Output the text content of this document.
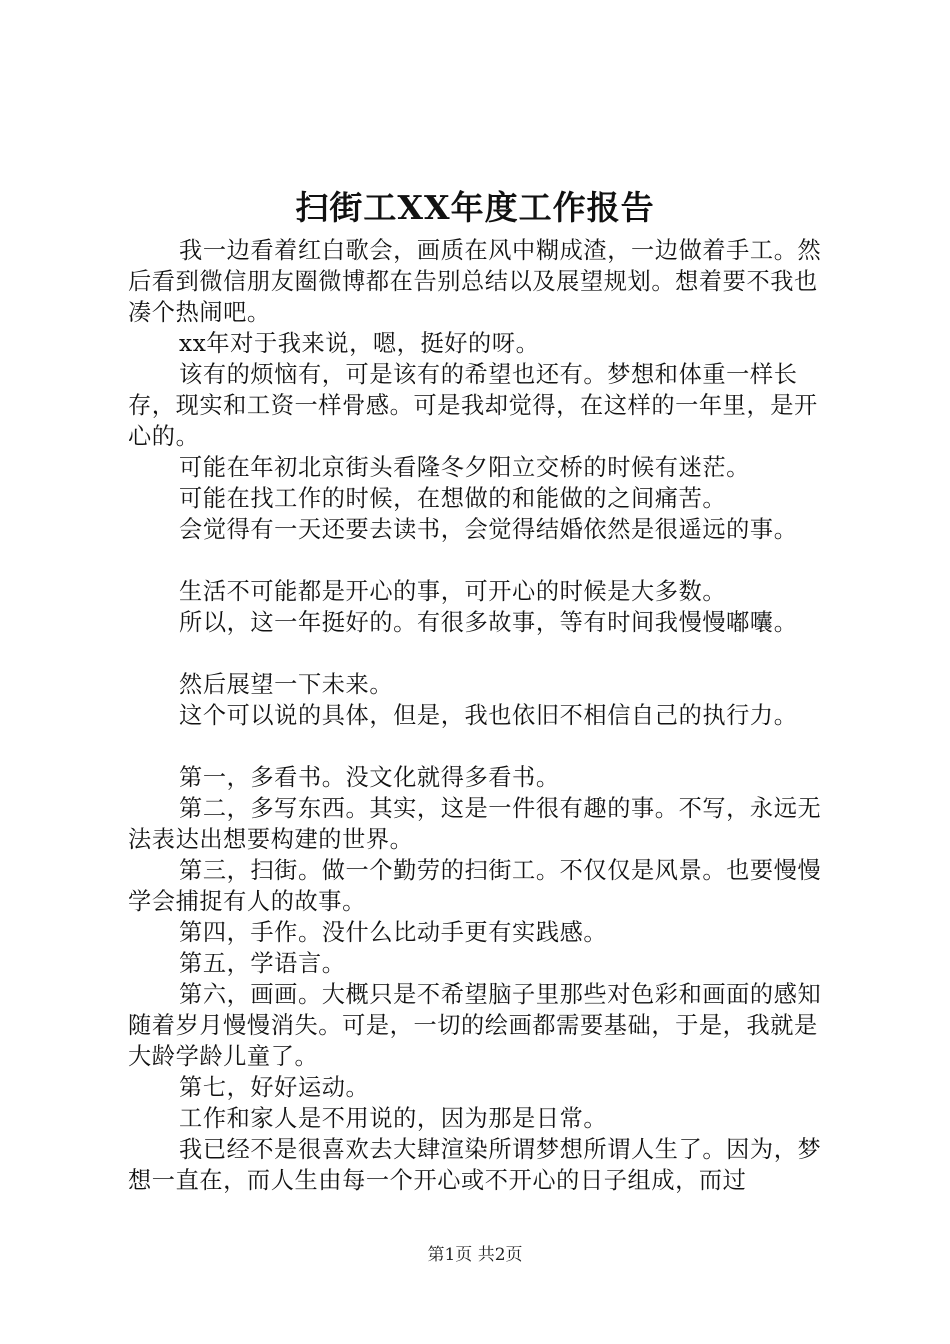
扫街工XX年度工作报告

我一边看着红白歌会，画质在风中糊成渣，一边做着手工。然后看到微信朋友圈微博都在告别总结以及展望规划。想着要不我也凑个热闹吧。

xx年对于我来说，嗯，挺好的呀。

该有的烦恼有，可是该有的希望也还有。梦想和体重一样长存，现实和工资一样骨感。可是我却觉得，在这样的一年里，是开心的。

可能在年初北京街头看隆冬夕阳立交桥的时候有迷茫。

可能在找工作的时候，在想做的和能做的之间痛苦。

会觉得有一天还要去读书，会觉得结婚依然是很遥远的事。

生活不可能都是开心的事，可开心的时候是大多数。

所以，这一年挺好的。有很多故事，等有时间我慢慢嘟囔。

然后展望一下未来。

这个可以说的具体，但是，我也依旧不相信自己的执行力。

第一，多看书。没文化就得多看书。

第二，多写东西。其实，这是一件很有趣的事。不写，永远无法表达出想要构建的世界。

第三，扫街。做一个勤劳的扫街工。不仅仅是风景。也要慢慢学会捕捉有人的故事。

第四，手作。没什么比动手更有实践感。

第五，学语言。

第六，画画。大概只是不希望脑子里那些对色彩和画面的感知随着岁月慢慢消失。可是，一切的绘画都需要基础，于是，我就是大龄学龄儿童了。

第七，好好运动。

工作和家人是不用说的，因为那是日常。

我已经不是很喜欢去大肆渲染所谓梦想所谓人生了。因为，梦想一直在，而人生由每一个开心或不开心的日子组成，而过

第1页 共2页
